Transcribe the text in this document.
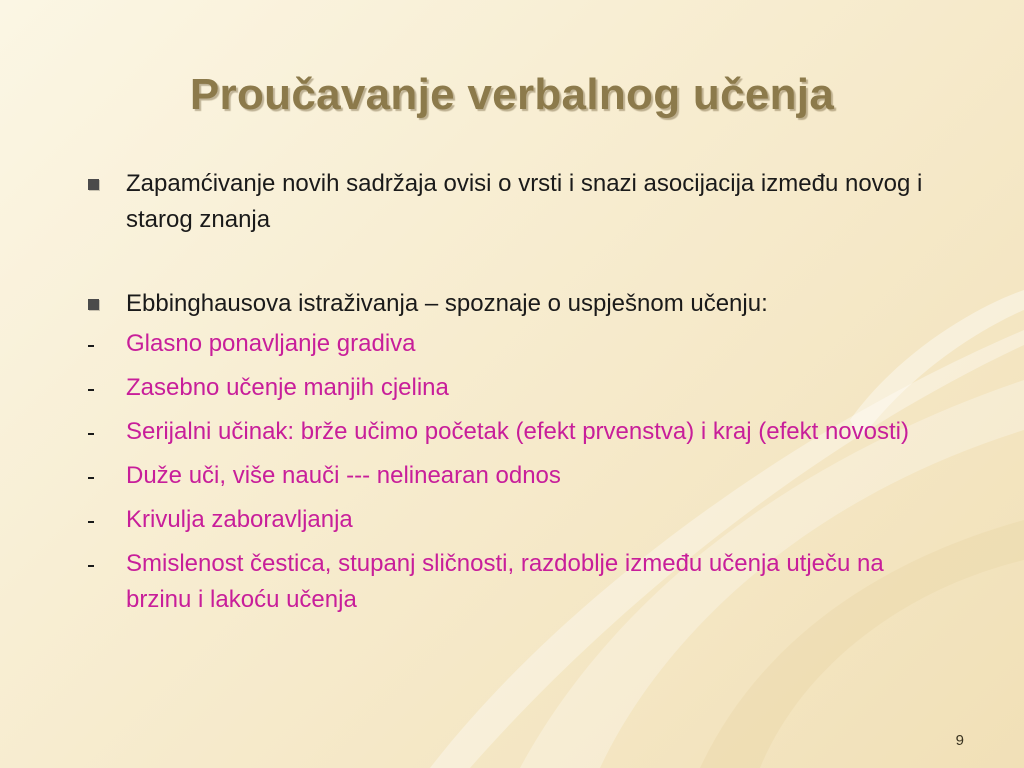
Proučavanje verbalnog učenja
Zapamćivanje novih sadržaja ovisi o vrsti i snazi asocijacija između novog i starog znanja
Ebbinghausova istraživanja – spoznaje o uspješnom učenju:
Glasno ponavljanje gradiva
Zasebno učenje manjih cjelina
Serijalni učinak: brže učimo početak (efekt prvenstva) i kraj (efekt novosti)
Duže uči, više nauči --- nelinearan odnos
Krivulja zaboravljanja
Smislenost čestica, stupanj sličnosti, razdoblje između učenja utječu na brzinu i lakoću učenja
9
